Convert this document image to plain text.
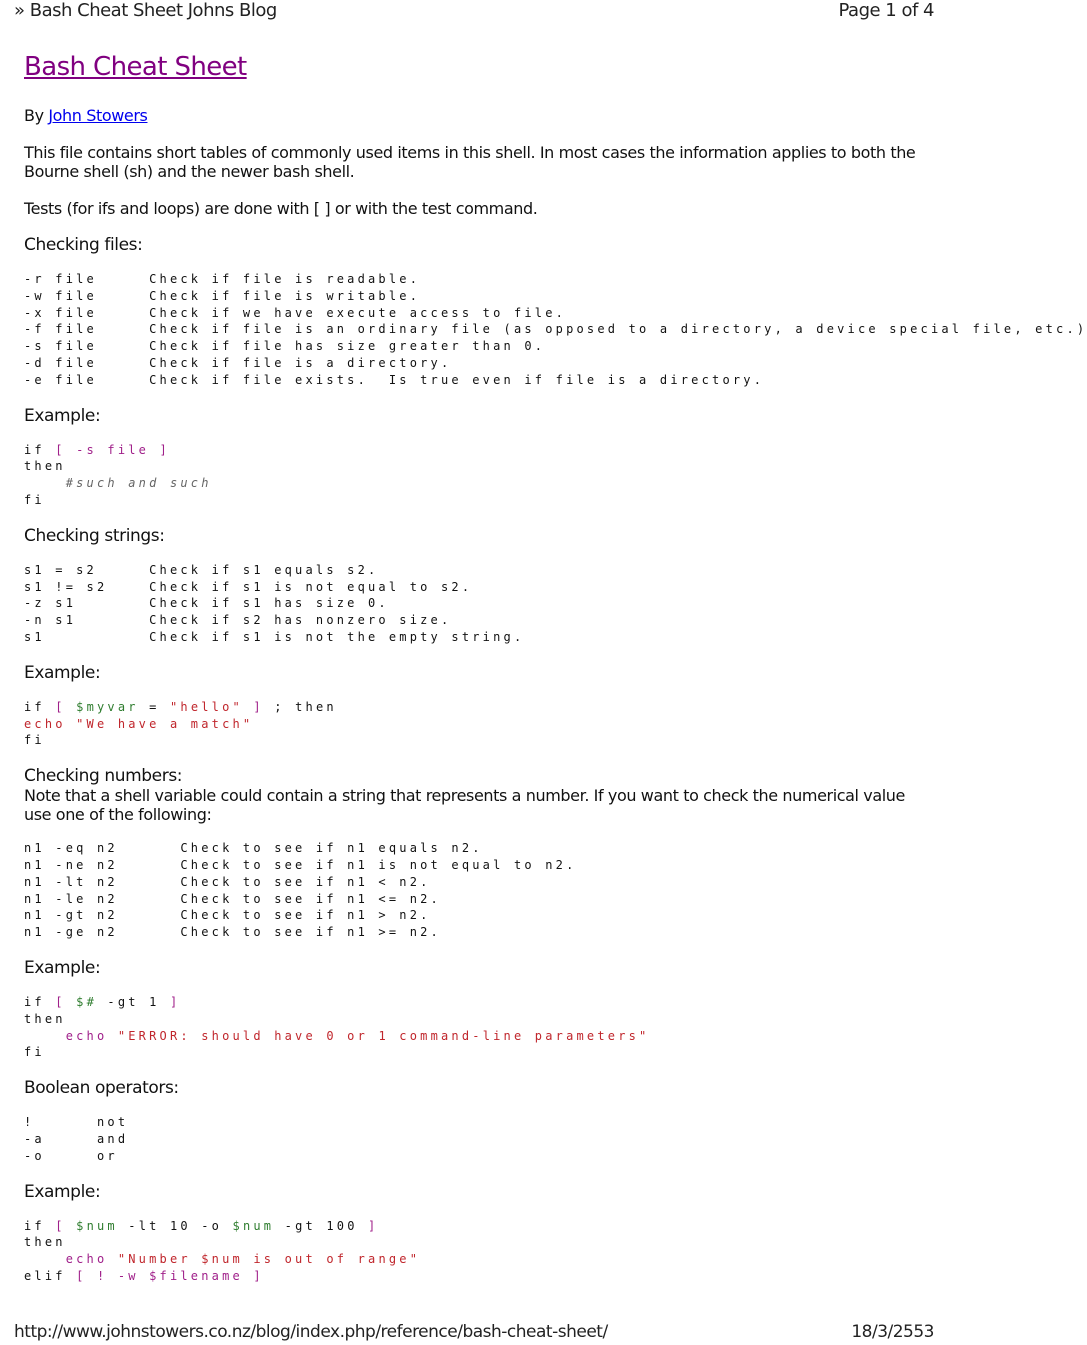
» Bash Cheat Sheet Johns Blog	Page 1 of 4
Bash Cheat Sheet
By John Stowers

This file contains short tables of commonly used items in this shell. In most cases the information applies to both the Bourne shell (sh) and the newer bash shell.

Tests (for ifs and loops) are done with [ ] or with the test command.

Checking files:
-r file     Check if file is readable.
-w file     Check if file is writable.
-x file     Check if we have execute access to file.
-f file     Check if file is an ordinary file (as opposed to a directory, a device special file, etc.)
-s file     Check if file has size greater than 0.
-d file     Check if file is a directory.
-e file     Check if file exists.  Is true even if file is a directory.
Example:
if [ -s file ]
then
#such and such
fi
Checking strings:
s1 = s2     Check if s1 equals s2.
s1 != s2    Check if s1 is not equal to s2.
-z s1       Check if s1 has size 0.
-n s1       Check if s2 has nonzero size.
s1          Check if s1 is not the empty string.
Example:
if [ $myvar = "hello" ] ; then
echo "We have a match"
fi
Checking numbers:

Note that a shell variable could contain a string that represents a number. If you want to check the numerical value use one of the following:

n1 -eq n2      Check to see if n1 equals n2.
n1 -ne n2      Check to see if n1 is not equal to n2.
n1 -lt n2      Check to see if n1 < n2.
n1 -le n2      Check to see if n1 <= n2.
n1 -gt n2      Check to see if n1 > n2.
n1 -ge n2      Check to see if n1 >= n2.
Example:
if [ $# -gt 1 ]
then
echo "ERROR: should have 0 or 1 command-line parameters"
fi
Boolean operators:
!      not
-a     and
-o     or
Example:
if [ $num -lt 10 -o $num -gt 100 ]
then
echo "Number $num is out of range"
elif [ ! -w $filename ]
http://www.johnstowers.co.nz/blog/index.php/reference/bash-cheat-sheet/	18/3/2553
